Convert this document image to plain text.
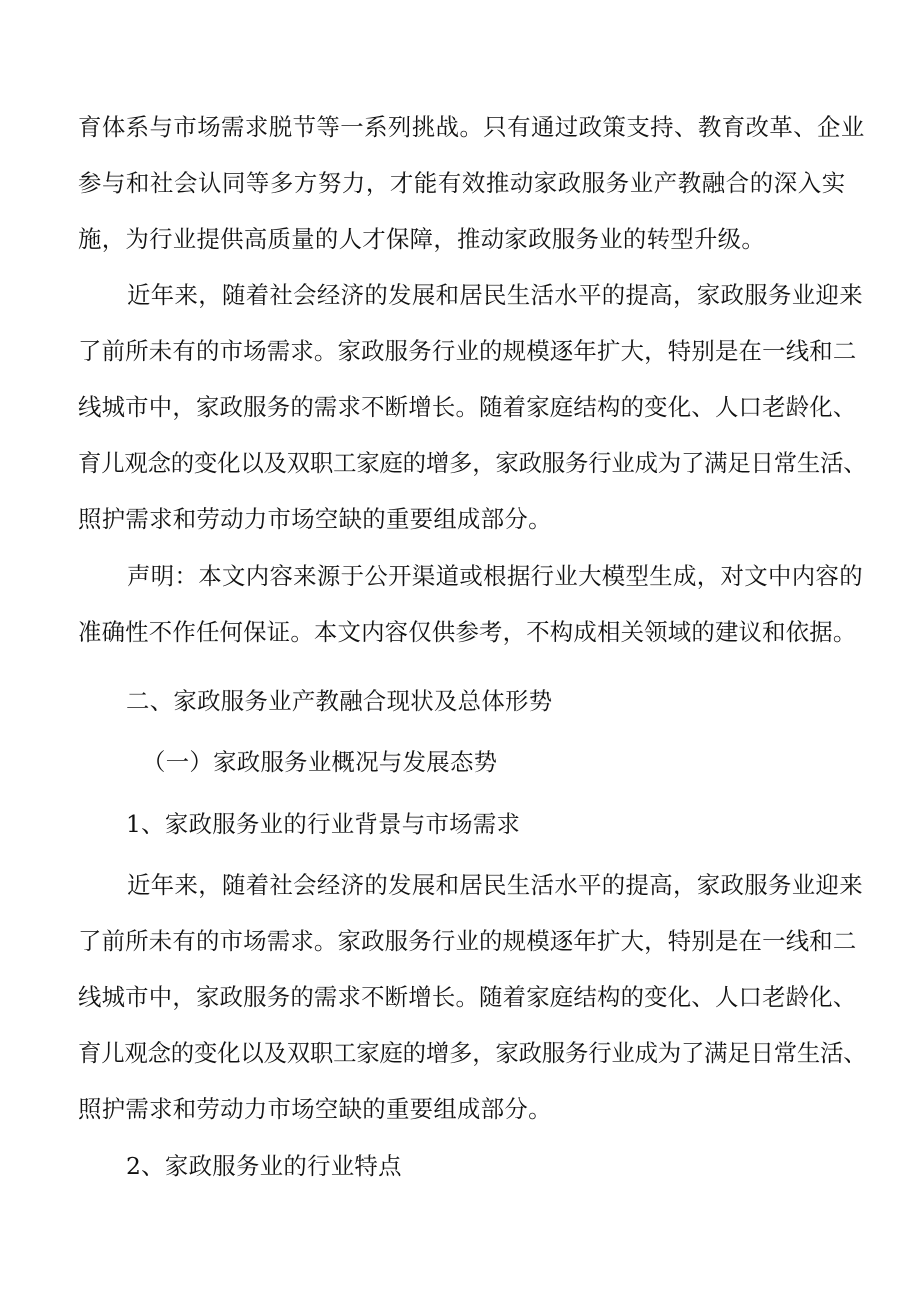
育体系与市场需求脱节等一系列挑战。只有通过政策支持、教育改革、企业
参与和社会认同等多方努力，才能有效推动家政服务业产教融合的深入实
施，为行业提供高质量的人才保障，推动家政服务业的转型升级。
近年来，随着社会经济的发展和居民生活水平的提高，家政服务业迎来
了前所未有的市场需求。家政服务行业的规模逐年扩大，特别是在一线和二
线城市中，家政服务的需求不断增长。随着家庭结构的变化、人口老龄化、
育儿观念的变化以及双职工家庭的增多，家政服务行业成为了满足日常生活、
照护需求和劳动力市场空缺的重要组成部分。
声明：本文内容来源于公开渠道或根据行业大模型生成，对文中内容的
准确性不作任何保证。本文内容仅供参考，不构成相关领域的建议和依据。
二、家政服务业产教融合现状及总体形势
（一）家政服务业概况与发展态势
1、家政服务业的行业背景与市场需求
近年来，随着社会经济的发展和居民生活水平的提高，家政服务业迎来
了前所未有的市场需求。家政服务行业的规模逐年扩大，特别是在一线和二
线城市中，家政服务的需求不断增长。随着家庭结构的变化、人口老龄化、
育儿观念的变化以及双职工家庭的增多，家政服务行业成为了满足日常生活、
照护需求和劳动力市场空缺的重要组成部分。
2、家政服务业的行业特点
